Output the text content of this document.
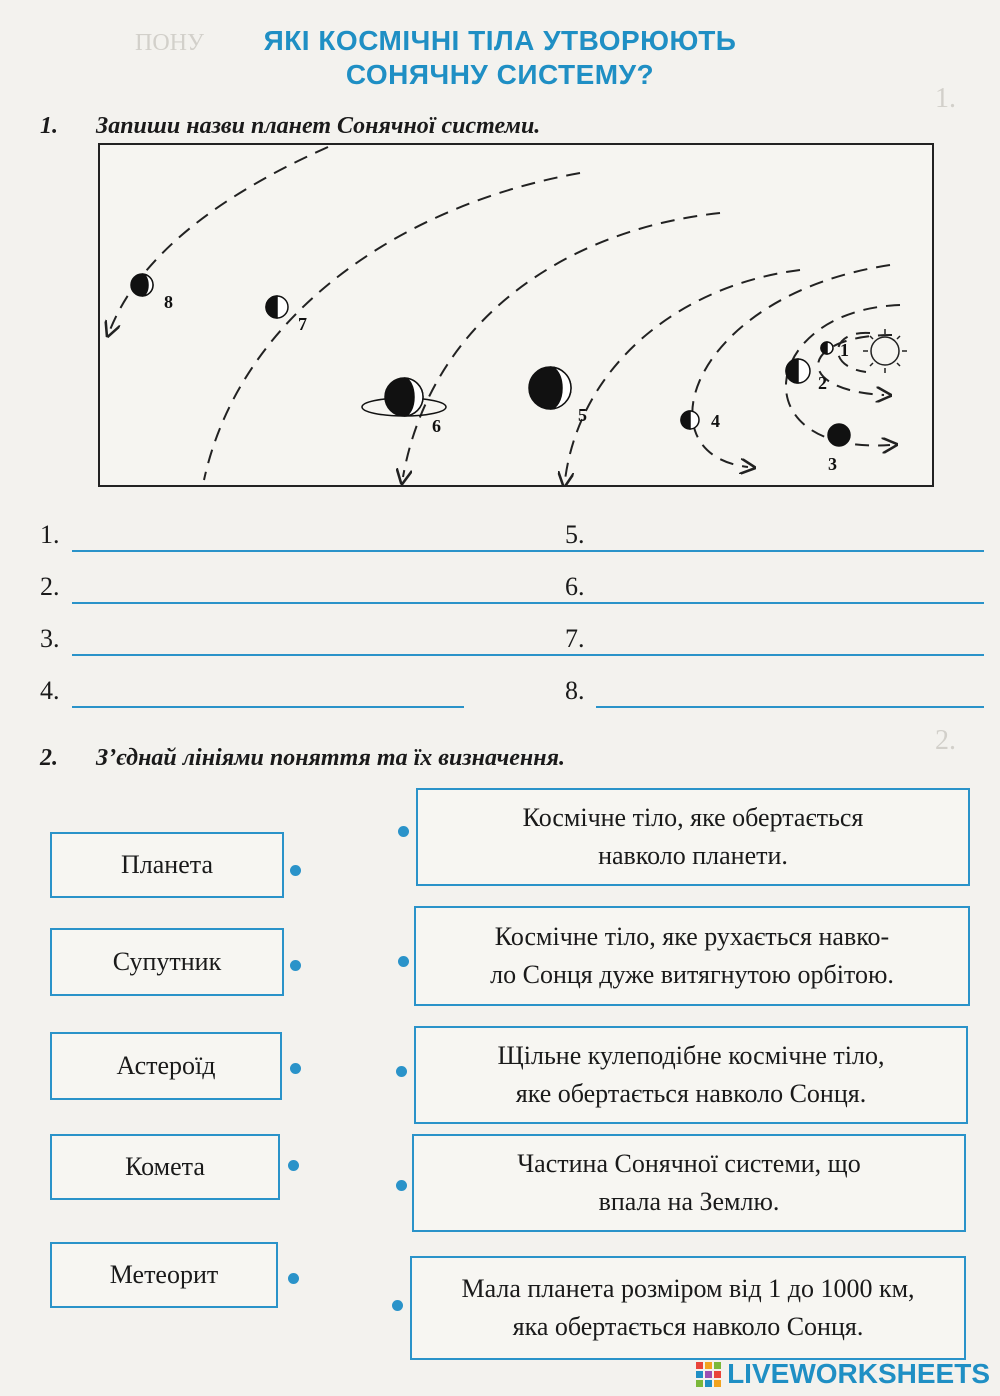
ПОНУ
1.
2.
ЯКІ КОСМІЧНІ ТІЛА УТВОРЮЮТЬ
СОНЯЧНУ СИСТЕМУ?
1. Запиши назви планет Сонячної системи.
1
2
3
4
5
6
7
8
1.
2.
3.
4.
5.
6.
7.
8.
2. З’єднай лініями поняття та їх визначення.
Планета
Супутник
Астероїд
Комета
Метеорит
Космічне тіло, яке обертається
навколо планети.
Космічне тіло, яке рухається навко-
ло Сонця дуже витягнутою орбітою.
Щільне кулеподібне космічне тіло,
яке обертається навколо Сонця.
Частина Сонячної системи, що
впала на Землю.
Мала планета розміром від 1 до 1000 км,
яка обертається навколо Сонця.
LIVEWORKSHEETS
